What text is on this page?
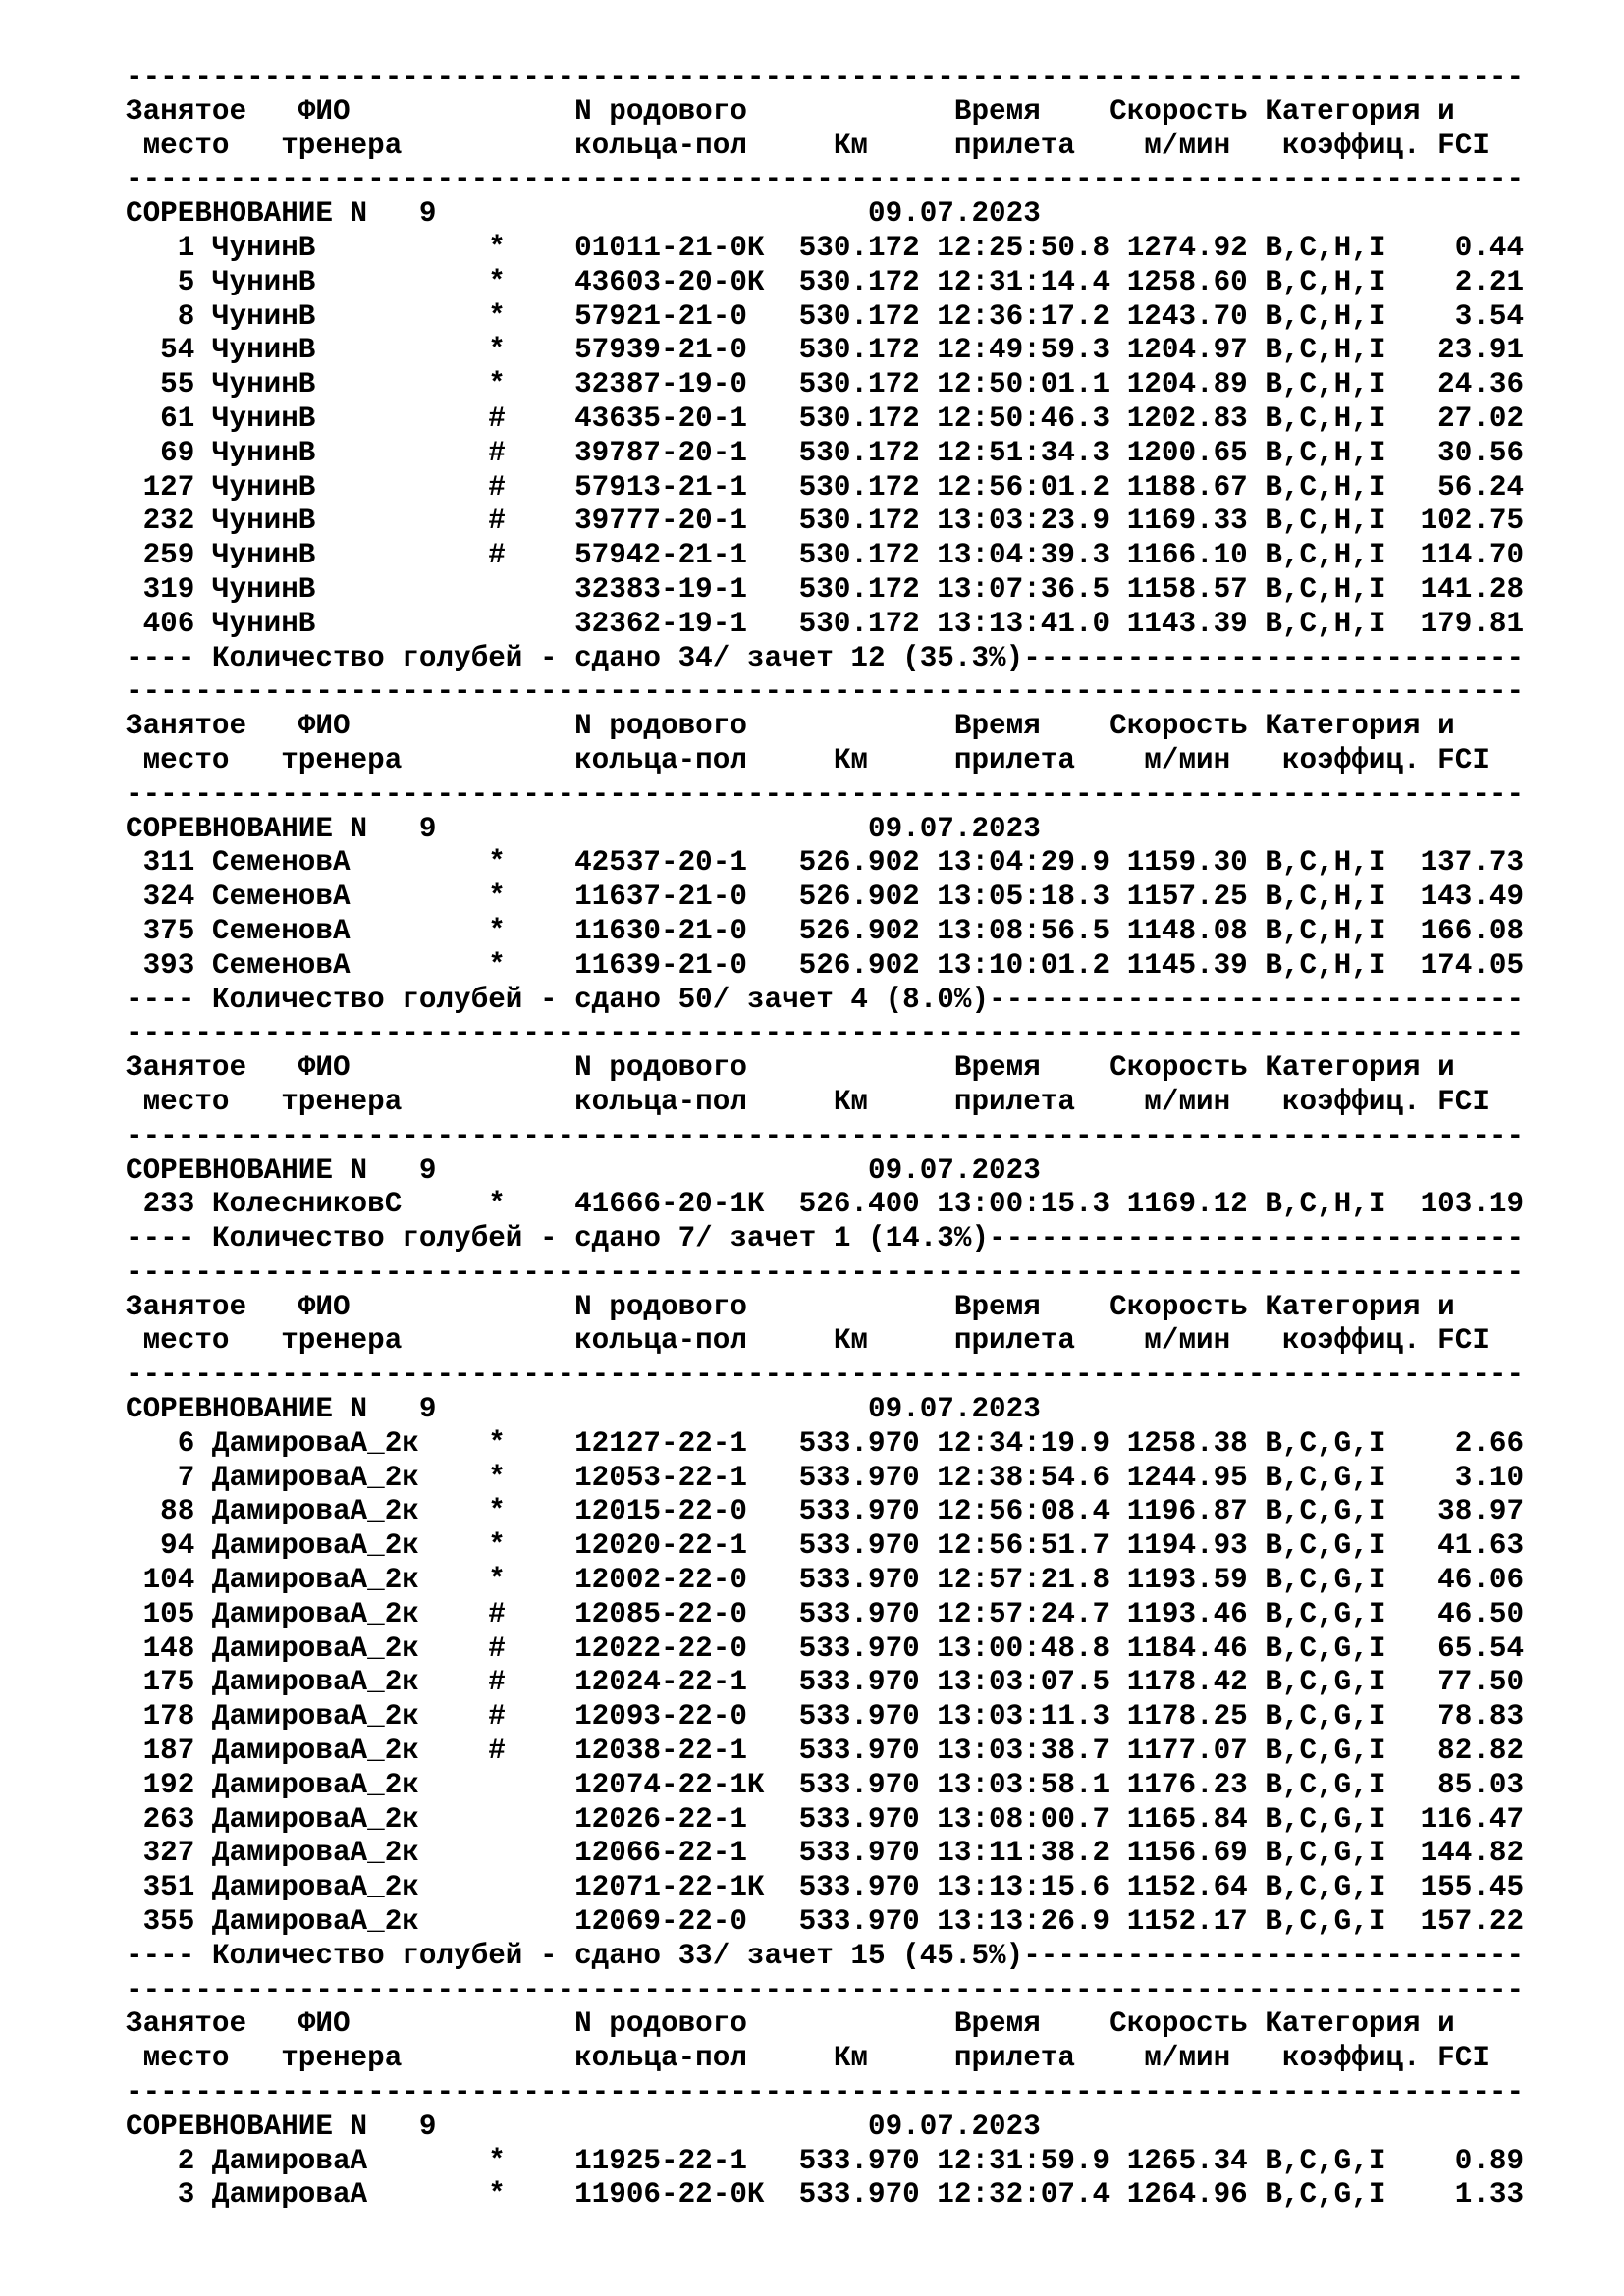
---------------------------------------------------------------------------------
Занятое   ФИО             N родового            Время    Скорость Категория и
место   тренера          кольца-пол     Км     прилета    м/мин   коэффиц. FCI
---------------------------------------------------------------------------------
СОРЕВНОВАНИЕ N   9                         09.07.2023
1 ЧунинВ          *    01011-21-0К  530.172 12:25:50.8 1274.92 B,C,H,I    0.44
5 ЧунинВ          *    43603-20-0К  530.172 12:31:14.4 1258.60 B,C,H,I    2.21
8 ЧунинВ          *    57921-21-0   530.172 12:36:17.2 1243.70 B,C,H,I    3.54
54 ЧунинВ          *    57939-21-0   530.172 12:49:59.3 1204.97 B,C,H,I   23.91
55 ЧунинВ          *    32387-19-0   530.172 12:50:01.1 1204.89 B,C,H,I   24.36
61 ЧунинВ          #    43635-20-1   530.172 12:50:46.3 1202.83 B,C,H,I   27.02
69 ЧунинВ          #    39787-20-1   530.172 12:51:34.3 1200.65 B,C,H,I   30.56
127 ЧунинВ          #    57913-21-1   530.172 12:56:01.2 1188.67 B,C,H,I   56.24
232 ЧунинВ          #    39777-20-1   530.172 13:03:23.9 1169.33 B,C,H,I  102.75
259 ЧунинВ          #    57942-21-1   530.172 13:04:39.3 1166.10 B,C,H,I  114.70
319 ЧунинВ               32383-19-1   530.172 13:07:36.5 1158.57 B,C,H,I  141.28
406 ЧунинВ               32362-19-1   530.172 13:13:41.0 1143.39 B,C,H,I  179.81
---- Количество голубей - сдано 34/ зачет 12 (35.3%)-----------------------------
---------------------------------------------------------------------------------
Занятое   ФИО             N родового            Время    Скорость Категория и
место   тренера          кольца-пол     Км     прилета    м/мин   коэффиц. FCI
---------------------------------------------------------------------------------
СОРЕВНОВАНИЕ N   9                         09.07.2023
311 СеменовА        *    42537-20-1   526.902 13:04:29.9 1159.30 B,C,H,I  137.73
324 СеменовА        *    11637-21-0   526.902 13:05:18.3 1157.25 B,C,H,I  143.49
375 СеменовА        *    11630-21-0   526.902 13:08:56.5 1148.08 B,C,H,I  166.08
393 СеменовА        *    11639-21-0   526.902 13:10:01.2 1145.39 B,C,H,I  174.05
---- Количество голубей - сдано 50/ зачет 4 (8.0%)-------------------------------
---------------------------------------------------------------------------------
Занятое   ФИО             N родового            Время    Скорость Категория и
место   тренера          кольца-пол     Км     прилета    м/мин   коэффиц. FCI
---------------------------------------------------------------------------------
СОРЕВНОВАНИЕ N   9                         09.07.2023
233 КолесниковС     *    41666-20-1К  526.400 13:00:15.3 1169.12 B,C,H,I  103.19
---- Количество голубей - сдано 7/ зачет 1 (14.3%)-------------------------------
---------------------------------------------------------------------------------
Занятое   ФИО             N родового            Время    Скорость Категория и
место   тренера          кольца-пол     Км     прилета    м/мин   коэффиц. FCI
---------------------------------------------------------------------------------
СОРЕВНОВАНИЕ N   9                         09.07.2023
6 ДамироваА_2к    *    12127-22-1   533.970 12:34:19.9 1258.38 B,C,G,I    2.66
7 ДамироваА_2к    *    12053-22-1   533.970 12:38:54.6 1244.95 B,C,G,I    3.10
88 ДамироваА_2к    *    12015-22-0   533.970 12:56:08.4 1196.87 B,C,G,I   38.97
94 ДамироваА_2к    *    12020-22-1   533.970 12:56:51.7 1194.93 B,C,G,I   41.63
104 ДамироваА_2к    *    12002-22-0   533.970 12:57:21.8 1193.59 B,C,G,I   46.06
105 ДамироваА_2к    #    12085-22-0   533.970 12:57:24.7 1193.46 B,C,G,I   46.50
148 ДамироваА_2к    #    12022-22-0   533.970 13:00:48.8 1184.46 B,C,G,I   65.54
175 ДамироваА_2к    #    12024-22-1   533.970 13:03:07.5 1178.42 B,C,G,I   77.50
178 ДамироваА_2к    #    12093-22-0   533.970 13:03:11.3 1178.25 B,C,G,I   78.83
187 ДамироваА_2к    #    12038-22-1   533.970 13:03:38.7 1177.07 B,C,G,I   82.82
192 ДамироваА_2к         12074-22-1К  533.970 13:03:58.1 1176.23 B,C,G,I   85.03
263 ДамироваА_2к         12026-22-1   533.970 13:08:00.7 1165.84 B,C,G,I  116.47
327 ДамироваА_2к         12066-22-1   533.970 13:11:38.2 1156.69 B,C,G,I  144.82
351 ДамироваА_2к         12071-22-1К  533.970 13:13:15.6 1152.64 B,C,G,I  155.45
355 ДамироваА_2к         12069-22-0   533.970 13:13:26.9 1152.17 B,C,G,I  157.22
---- Количество голубей - сдано 33/ зачет 15 (45.5%)-----------------------------
---------------------------------------------------------------------------------
Занятое   ФИО             N родового            Время    Скорость Категория и
место   тренера          кольца-пол     Км     прилета    м/мин   коэффиц. FCI
---------------------------------------------------------------------------------
СОРЕВНОВАНИЕ N   9                         09.07.2023
2 ДамироваА       *    11925-22-1   533.970 12:31:59.9 1265.34 B,C,G,I    0.89
3 ДамироваА       *    11906-22-0К  533.970 12:32:07.4 1264.96 B,C,G,I    1.33
